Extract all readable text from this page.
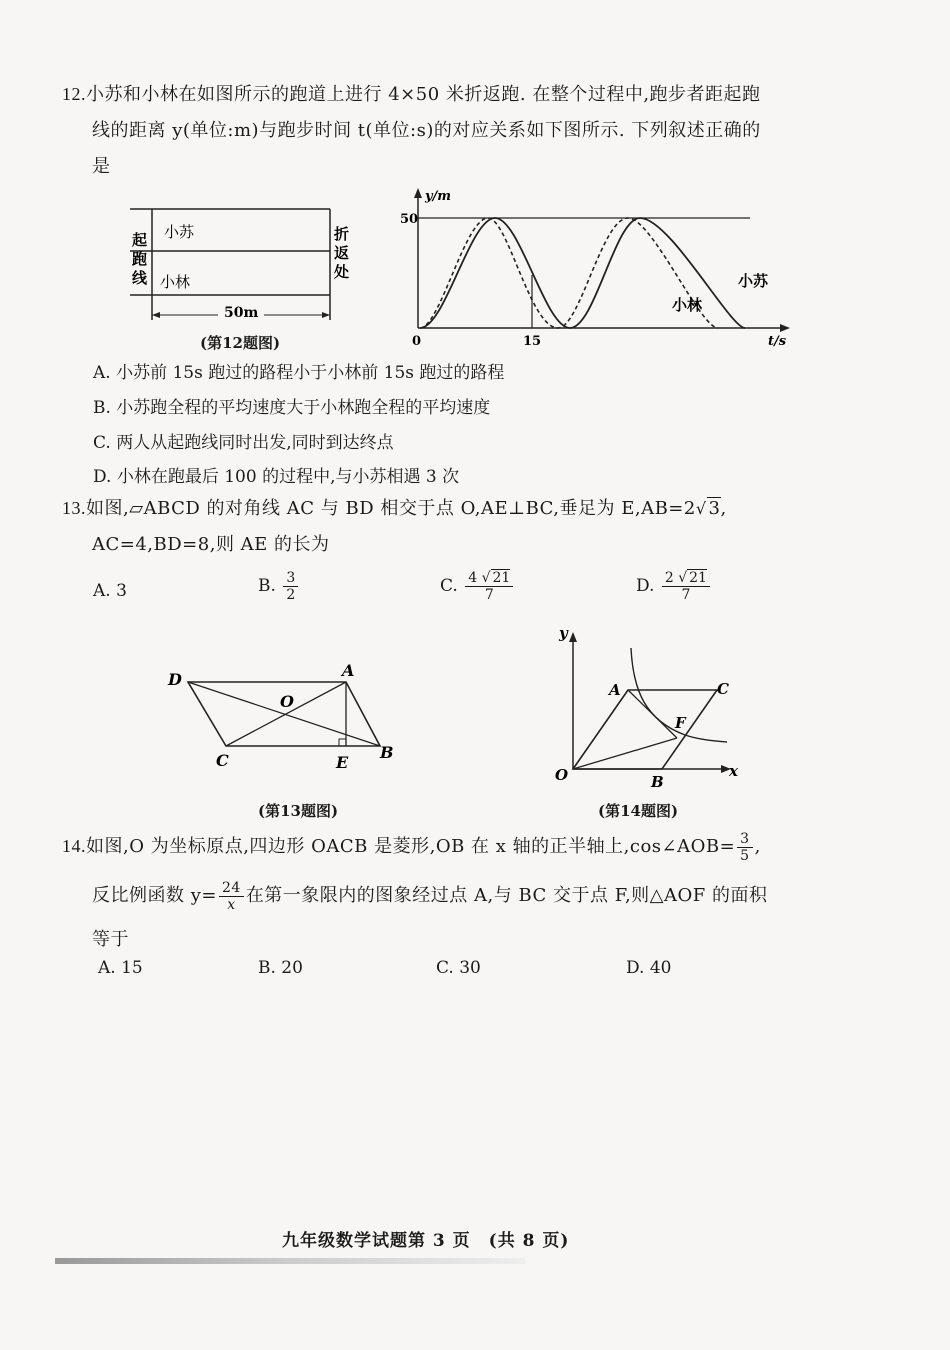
12.小苏和小林在如图所示的跑道上进行 4×50 米折返跑. 在整个过程中,跑步者距起跑
线的距离 y(单位:m)与跑步时间 t(单位:s)的对应关系如下图所示. 下列叙述正确的
是
起
跑
线
折
返
处
小苏
小林
50m
(第12题图)
y/m
50
0	15	t/s
小苏
小林
A. 小苏前 15s 跑过的路程小于小林前 15s 跑过的路程
B. 小苏跑全程的平均速度大于小林跑全程的平均速度
C. 两人从起跑线同时出发,同时到达终点
D. 小林在跑最后 100 的过程中,与小苏相遇 3 次
13.如图,▱ABCD 的对角线 AC 与 BD 相交于点 O,AE⊥BC,垂足为 E,AB=2√ 3,
AC=4,BD=8,则 AE 的长为
A. 3	B. $\frac{3}{2}$	C. $\frac{4 √ 21}{7}$	D. $\frac{2 √ 21}{7}$
D	A
O
C	E
B
(第13题图)
y
x
O
A	C
F
B
(第14题图)
14.如图,O 为坐标原点,四边形 OACB 是菱形,OB 在 x 轴的正半轴上,cos∠AOB= $\frac{3}{5}$ ,
反比例函数 $y= \frac{24}{x}$ 在第一象限内的图象经过点 A,与 BC 交于点 F,则△AOF 的面积
等于
A. 15	B. 20	C. 30	D. 40
九年级数学试题第 3 页　(共 8 页)
